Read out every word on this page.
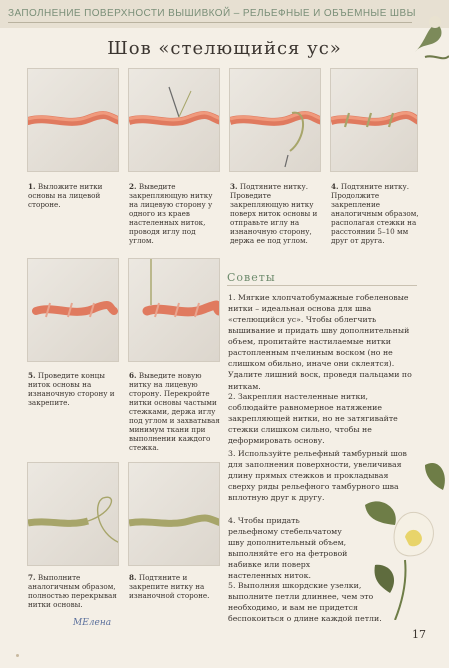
ЗАПОЛНЕНИЕ ПОВЕРХНОСТИ ВЫШИВКОЙ – РЕЛЬЕФНЫЕ И ОБЪЕМНЫЕ ШВЫ
Шов «стелющийся ус»
1. Выложите нитки основы на лицевой стороне.
2. Выведите закрепляющую нитку на лицевую сторону у одного из краев настеленных ниток, проводя иглу под углом.
3. Подтяните нитку. Проведите закрепляющую нитку поверх ниток основы и отправьте иглу на изнаночную сторону, держа ее под углом.
4. Подтяните нитку. Продолжите закрепление аналогичным образом, располагая стежки на расстоянии 5–10 мм друг от друга.
5. Проведите концы ниток основы на изнаночную сторону и закрепите.
6. Выведите новую нитку на лицевую сторону. Перекройте нитки основы частыми стежками, держа иглу под углом и захватывая минимум ткани при выполнении каждого стежка.
7. Выполните аналогичным образом, полностью перекрывая нитки основы.
8. Подтяните и закрепите нитку на изнаночной стороне.
Советы
1. Мягкие хлопчатобумажные гобеленовые нитки – идеальная основа для шва «стелющийся ус». Чтобы облегчить вышивание и придать шву дополнительный объем, пропитайте настилаемые нитки растопленным пчелиным воском (но не слишком обильно, иначе они склеятся). Удалите лишний воск, проведя пальцами по ниткам.
2. Закрепляя настеленные нитки, соблюдайте равномерное натяжение закрепляющей нитки, но не затягивайте стежки слишком сильно, чтобы не деформировать основу.
3. Используйте рельефный тамбурный шов для заполнения поверхности, увеличивая длину прямых стежков и прокладывая сверху ряды рельефного тамбурного шва вплотную друг к другу.
4. Чтобы придать рельефному стебельчатому шву дополнительный объем, выполняйте его на фетровой набивке или поверх настеленных ниток.
5. Выполняя шкордские узелки, выполните петли длиннее, чем это необходимо, и вам не придется беспокоиться о длине каждой петли.
MEлена
17
